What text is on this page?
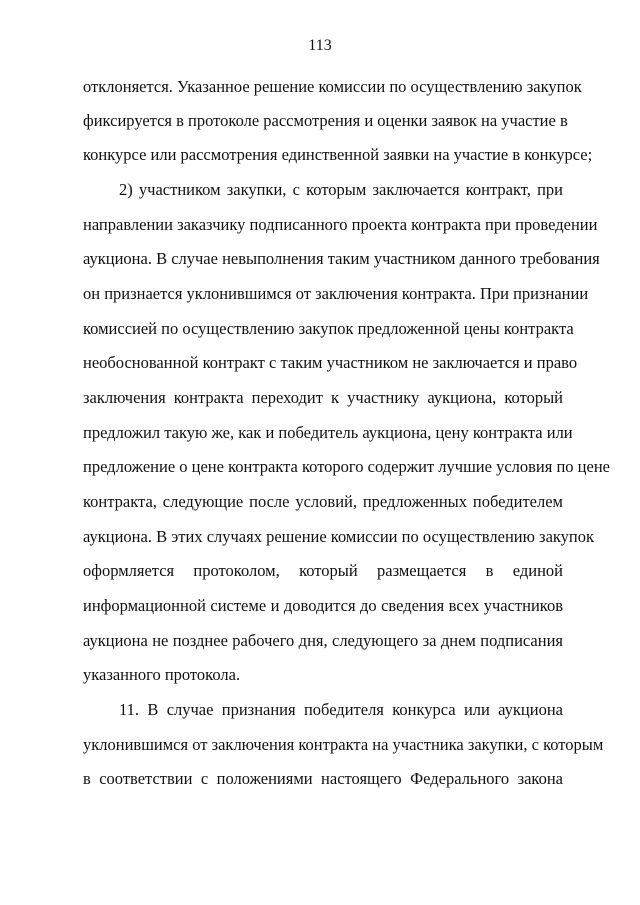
113
отклоняется. Указанное решение комиссии по осуществлению закупок
фиксируется в протоколе рассмотрения и оценки заявок на участие в
конкурсе или рассмотрения единственной заявки на участие в конкурсе;
2) участником закупки, с которым заключается контракт, при
направлении заказчику подписанного проекта контракта при проведении
аукциона. В случае невыполнения таким участником данного требования
он признается уклонившимся от заключения контракта. При признании
комиссией по осуществлению закупок предложенной цены контракта
необоснованной контракт с таким участником не заключается и право
заключения контракта переходит к участнику аукциона, который
предложил такую же, как и победитель аукциона, цену контракта или
предложение о цене контракта которого содержит лучшие условия по цене
контракта, следующие после условий, предложенных победителем
аукциона. В этих случаях решение комиссии по осуществлению закупок
оформляется протоколом, который размещается в единой
информационной системе и доводится до сведения всех участников
аукциона не позднее рабочего дня, следующего за днем подписания
указанного протокола.
11. В случае признания победителя конкурса или аукциона
уклонившимся от заключения контракта на участника закупки, с которым
в соответствии с положениями настоящего Федерального закона
